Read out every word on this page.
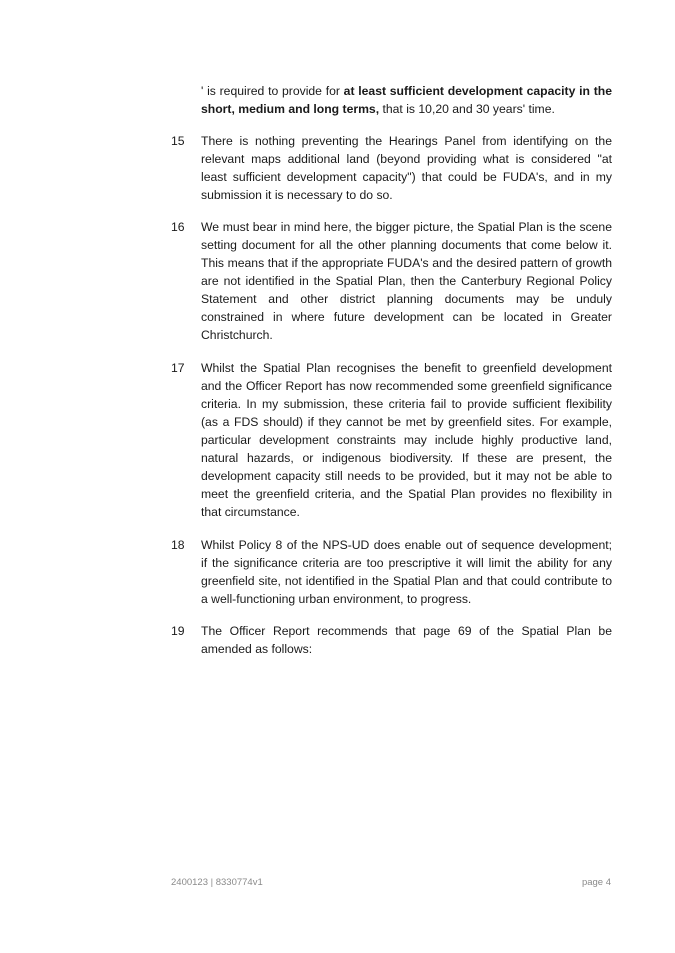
' is required to provide for at least sufficient development capacity in the
short, medium and long terms, that is 10,20 and 30 years' time.
15 There is nothing preventing the Hearings Panel from identifying on the
relevant maps additional land (beyond providing what is considered "at
least sufficient development capacity") that could be FUDA's, and in my
submission it is necessary to do so.
16 We must bear in mind here, the bigger picture, the Spatial Plan is the scene
setting document for all the other planning documents that come below it.
This means that if the appropriate FUDA's and the desired pattern of growth
are not identified in the Spatial Plan, then the Canterbury Regional Policy
Statement and other district planning documents may be unduly
constrained in where future development can be located in Greater
Christchurch.
17 Whilst the Spatial Plan recognises the benefit to greenfield development
and the Officer Report has now recommended some greenfield significance
criteria. In my submission, these criteria fail to provide sufficient flexibility
(as a FDS should) if they cannot be met by greenfield sites. For example,
particular development constraints may include highly productive land,
natural hazards, or indigenous biodiversity. If these are present, the
development capacity still needs to be provided, but it may not be able to
meet the greenfield criteria, and the Spatial Plan provides no flexibility in
that circumstance.
18 Whilst Policy 8 of the NPS-UD does enable out of sequence development;
if the significance criteria are too prescriptive it will limit the ability for any
greenfield site, not identified in the Spatial Plan and that could contribute to
a well-functioning urban environment, to progress.
19 The Officer Report recommends that page 69 of the Spatial Plan be
amended as follows:
2400123 | 8330774v1	page 4
